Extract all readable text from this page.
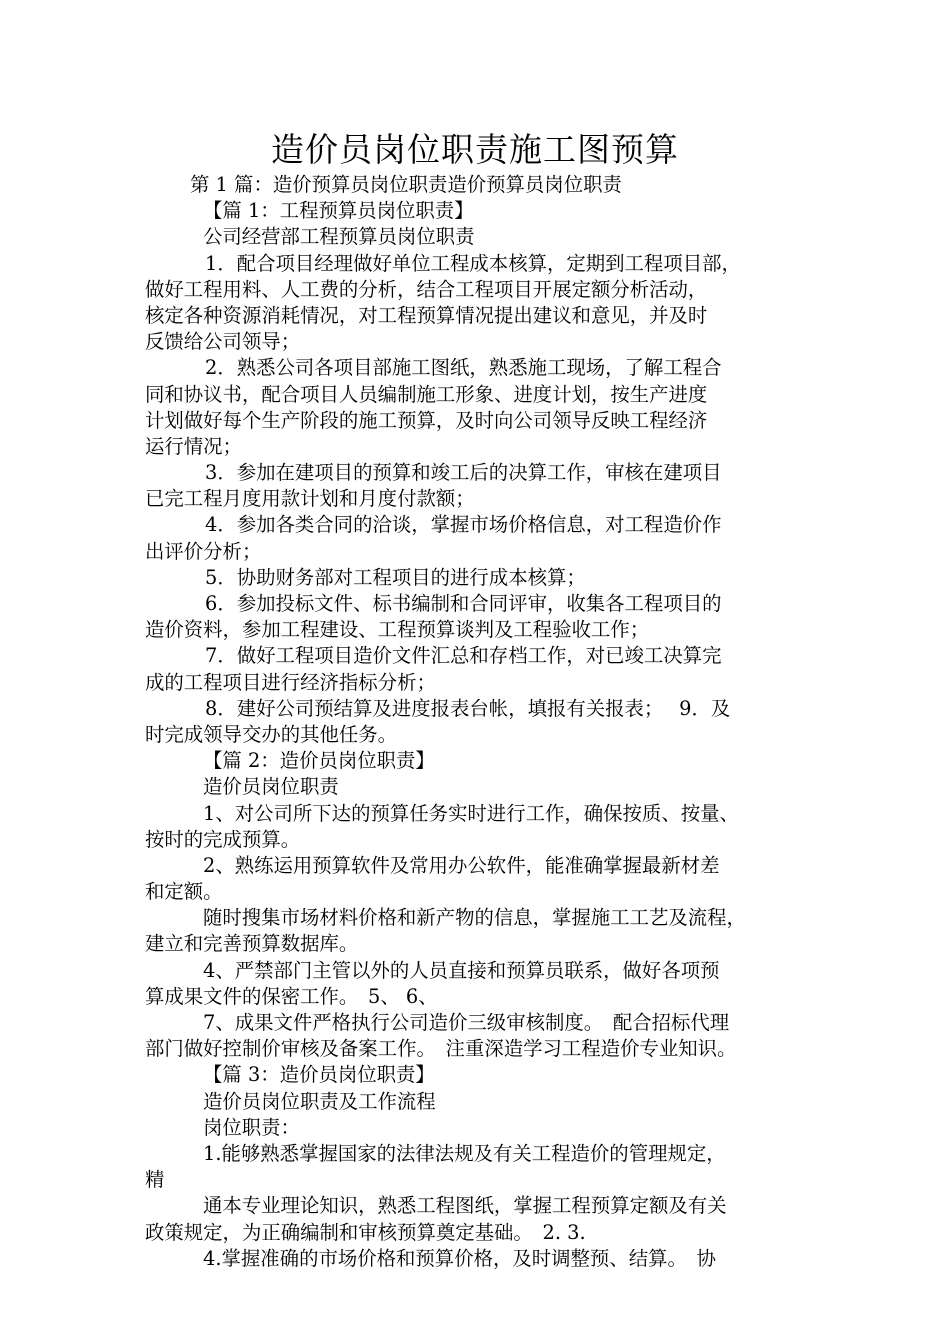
造价员岗位职责施工图预算

第 1 篇：造价预算员岗位职责造价预算员岗位职责

【篇 1：工程预算员岗位职责】

公司经营部工程预算员岗位职责

1．配合项目经理做好单位工程成本核算，定期到工程项目部，

做好工程用料、人工费的分析，结合工程项目开展定额分析活动，

核定各种资源消耗情况，对工程预算情况提出建议和意见，并及时

反馈给公司领导；

2．熟悉公司各项目部施工图纸，熟悉施工现场，了解工程合

同和协议书，配合项目人员编制施工形象、进度计划，按生产进度

计划做好每个生产阶段的施工预算，及时向公司领导反映工程经济

运行情况；

3．参加在建项目的预算和竣工后的决算工作，审核在建项目

已完工程月度用款计划和月度付款额；

4．参加各类合同的洽谈，掌握市场价格信息，对工程造价作

出评价分析；

5．协助财务部对工程项目的进行成本核算；

6．参加投标文件、标书编制和合同评审，收集各工程项目的

造价资料，参加工程建设、工程预算谈判及工程验收工作；

7．做好工程项目造价文件汇总和存档工作，对已竣工决算完

成的工程项目进行经济指标分析；

8．建好公司预结算及进度报表台帐，填报有关报表；　 9．及

时完成领导交办的其他任务。

【篇 2：造价员岗位职责】

造价员岗位职责

1、对公司所下达的预算任务实时进行工作，确保按质、按量、

按时的完成预算。

2、熟练运用预算软件及常用办公软件，能准确掌握最新材差

和定额。

随时搜集市场材料价格和新产物的信息，掌握施工工艺及流程，

建立和完善预算数据库。

4、严禁部门主管以外的人员直接和预算员联系，做好各项预

算成果文件的保密工作。　5、 6、

7、成果文件严格执行公司造价三级审核制度。　配合招标代理

部门做好控制价审核及备案工作。　注重深造学习工程造价专业知识。

【篇 3：造价员岗位职责】

造价员岗位职责及工作流程

岗位职责：

1.能够熟悉掌握国家的法律法规及有关工程造价的管理规定，

精

通本专业理论知识，熟悉工程图纸，掌握工程预算定额及有关

政策规定，为正确编制和审核预算奠定基础。　2. 3.

4.掌握准确的市场价格和预算价格，及时调整预、结算。　协
